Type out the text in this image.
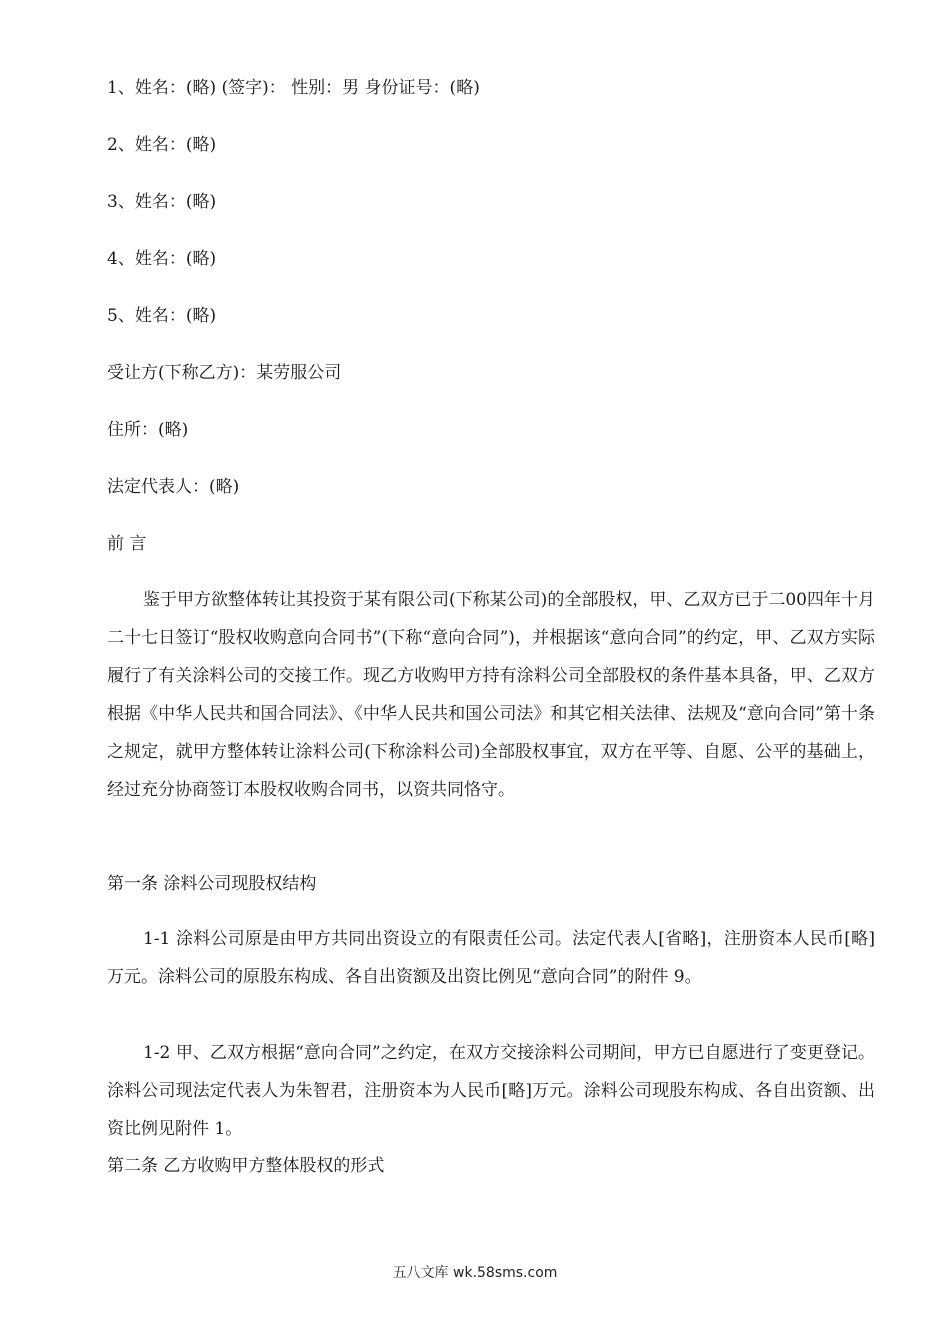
1、姓名：(略) (签字)： 性别：男 身份证号：(略)
2、姓名：(略)
3、姓名：(略)
4、姓名：(略)
5、姓名：(略)
受让方(下称乙方)：某劳服公司
住所：(略)
法定代表人：(略)
前 言
鉴于甲方欲整体转让其投资于某有限公司(下称某公司)的全部股权，甲、乙双方已于二00四年十月二十七日签订“股权收购意向合同书”(下称“意向合同”)，并根据该“意向合同”的约定，甲、乙双方实际履行了有关涂料公司的交接工作。现乙方收购甲方持有涂料公司全部股权的条件基本具备，甲、乙双方根据《中华人民共和国合同法》、《中华人民共和国公司法》和其它相关法律、法规及“意向合同”第十条之规定，就甲方整体转让涂料公司(下称涂料公司)全部股权事宜，双方在平等、自愿、公平的基础上，经过充分协商签订本股权收购合同书，以资共同恪守。
第一条 涂料公司现股权结构
1-1 涂料公司原是由甲方共同出资设立的有限责任公司。法定代表人[省略]，注册资本人民币[略]万元。涂料公司的原股东构成、各自出资额及出资比例见“意向合同”的附件 9。
1-2 甲、乙双方根据“意向合同”之约定，在双方交接涂料公司期间，甲方已自愿进行了变更登记。涂料公司现法定代表人为朱智君，注册资本为人民币[略]万元。涂料公司现股东构成、各自出资额、出资比例见附件 1。
第二条 乙方收购甲方整体股权的形式
五八文库 wk.58sms.com
